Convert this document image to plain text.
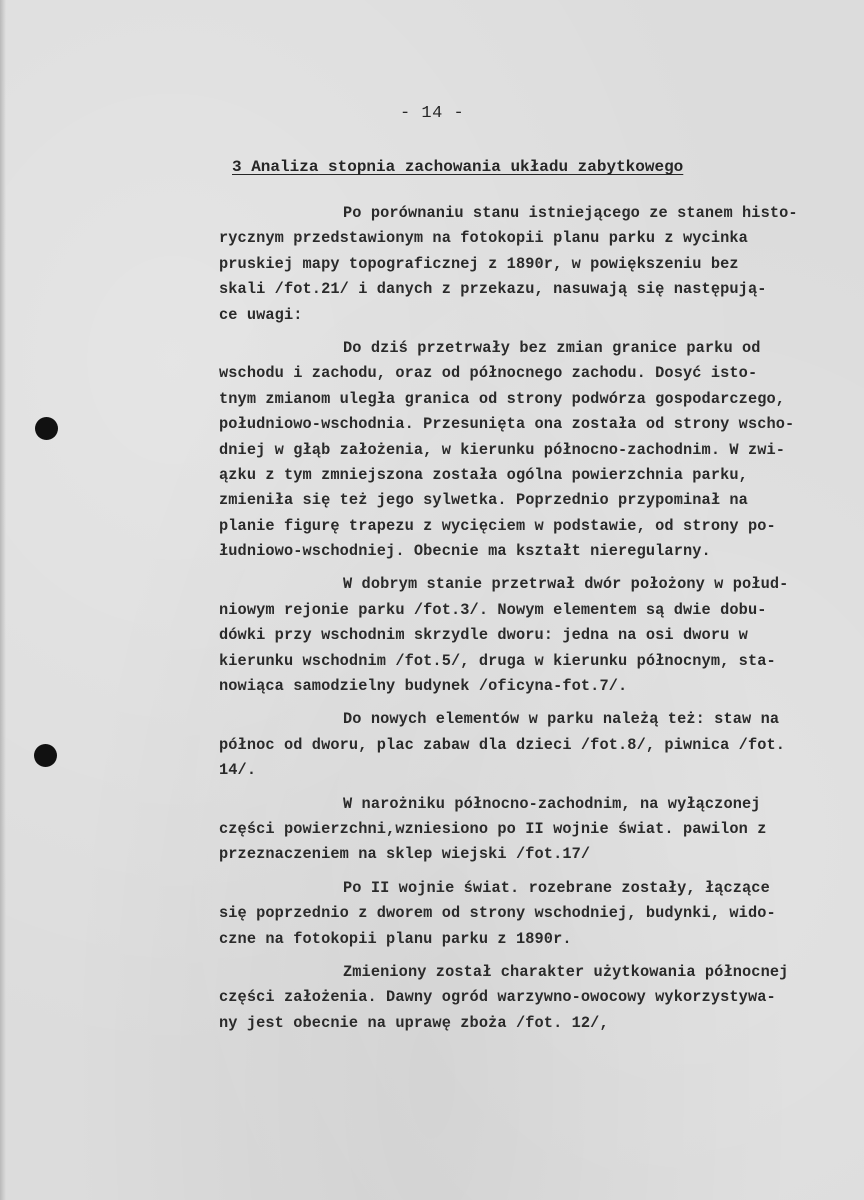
- 14 -
3 Analiza stopnia zachowania układu zabytkowego
Po porównaniu stanu istniejącego ze stanem histo-
rycznym przedstawionym na fotokopii planu parku z wycinka
pruskiej mapy topograficznej z 1890r, w powiększeniu bez
skali /fot.21/ i danych z przekazu, nasuwają się następują-
ce uwagi:
Do dziś przetrwały bez zmian granice parku od
wschodu i zachodu, oraz od północnego zachodu. Dosyć isto-
tnym zmianom uległa granica od strony podwórza gospodarczego,
południowo-wschodnia. Przesunięta ona została od strony wscho-
dniej w głąb założenia, w kierunku północno-zachodnim. W zwi-
ązku z tym zmniejszona została ogólna powierzchnia parku,
zmieniła się też jego sylwetka. Poprzednio przypominał na
planie figurę trapezu z wycięciem w podstawie, od strony po-
łudniowo-wschodniej. Obecnie ma kształt nieregularny.
W dobrym stanie przetrwał dwór położony w połud-
niowym rejonie parku /fot.3/. Nowym elementem są dwie dobu-
dówki przy wschodnim skrzydle dworu: jedna na osi dworu w
kierunku wschodnim /fot.5/, druga w kierunku północnym, sta-
nowiąca samodzielny budynek /oficyna-fot.7/.
Do nowych elementów w parku należą też: staw na
północ od dworu, plac zabaw dla dzieci /fot.8/, piwnica /fot.
14/.
W narożniku północno-zachodnim, na wyłączonej
części powierzchni,wzniesiono po II wojnie świat. pawilon z
przeznaczeniem na sklep wiejski /fot.17/
Po II wojnie świat. rozebrane zostały, łączące
się poprzednio z dworem od strony wschodniej, budynki, wido-
czne na fotokopii planu parku z 1890r.
Zmieniony został charakter użytkowania północnej
części założenia. Dawny ogród warzywno-owocowy wykorzystywa-
ny jest obecnie na uprawę zboża /fot. 12/,
